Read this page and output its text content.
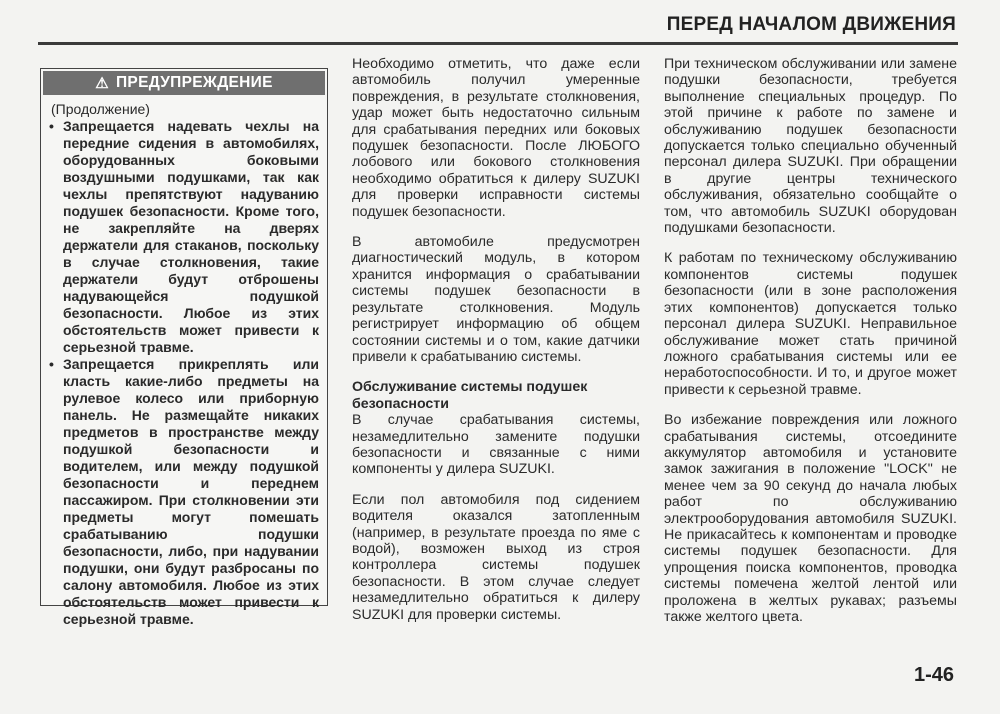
ПЕРЕД НАЧАЛОМ ДВИЖЕНИЯ
⚠ ПРЕДУПРЕЖДЕНИЕ
(Продолжение)
• Запрещается надевать чехлы на передние сидения в автомобилях, оборудованных боковыми воздушными подушками, так как чехлы препятствуют надуванию подушек безопасности. Кроме того, не закрепляйте на дверях держатели для стаканов, поскольку в случае столкновения, такие держатели будут отброшены надувающейся подушкой безопасности. Любое из этих обстоятельств может привести к серьезной травме.
• Запрещается прикреплять или класть какие-либо предметы на рулевое колесо или приборную панель. Не размещайте никаких предметов в пространстве между подушкой безопасности и водителем, или между подушкой безопасности и переднем пассажиром. При столкновении эти предметы могут помешать срабатыванию подушки безопасности, либо, при надувании подушки, они будут разбросаны по салону автомобиля. Любое из этих обстоятельств может привести к серьезной травме.

Необходимо отметить, что даже если автомобиль получил умеренные повреждения, в результате столкновения, удар может быть недостаточно сильным для срабатывания передних или боковых подушек безопасности. После ЛЮБОГО лобового или бокового столкновения необходимо обратиться к дилеру SUZUKI для проверки исправности системы подушек безопасности.

В автомобиле предусмотрен диагностический модуль, в котором хранится информация о срабатывании системы подушек безопасности в результате столкновения. Модуль регистрирует информацию об общем состоянии системы и о том, какие датчики привели к срабатыванию системы.

Обслуживание системы подушек безопасности

В случае срабатывания системы, незамедлительно замените подушки безопасности и связанные с ними компоненты у дилера SUZUKI.

Если пол автомобиля под сидением водителя оказался затопленным (например, в результате проезда по яме с водой), возможен выход из строя контроллера системы подушек безопасности. В этом случае следует незамедлительно обратиться к дилеру SUZUKI для проверки системы.

При техническом обслуживании или замене подушки безопасности, требуется выполнение специальных процедур. По этой причине к работе по замене и обслуживанию подушек безопасности допускается только специально обученный персонал дилера SUZUKI. При обращении в другие центры технического обслуживания, обязательно сообщайте о том, что автомобиль SUZUKI оборудован подушками безопасности.

К работам по техническому обслуживанию компонентов системы подушек безопасности (или в зоне расположения этих компонентов) допускается только персонал дилера SUZUKI. Неправильное обслуживание может стать причиной ложного срабатывания системы или ее неработоспособности. И то, и другое может привести к серьезной травме.

Во избежание повреждения или ложного срабатывания системы, отсоедините аккумулятор автомобиля и установите замок зажигания в положение "LOCK" не менее чем за 90 секунд до начала любых работ по обслуживанию электрооборудования автомобиля SUZUKI. Не прикасайтесь к компонентам и проводке системы подушек безопасности. Для упрощения поиска компонентов, проводка системы помечена желтой лентой или проложена в желтых рукавах; разъемы также желтого цвета.

1-46
